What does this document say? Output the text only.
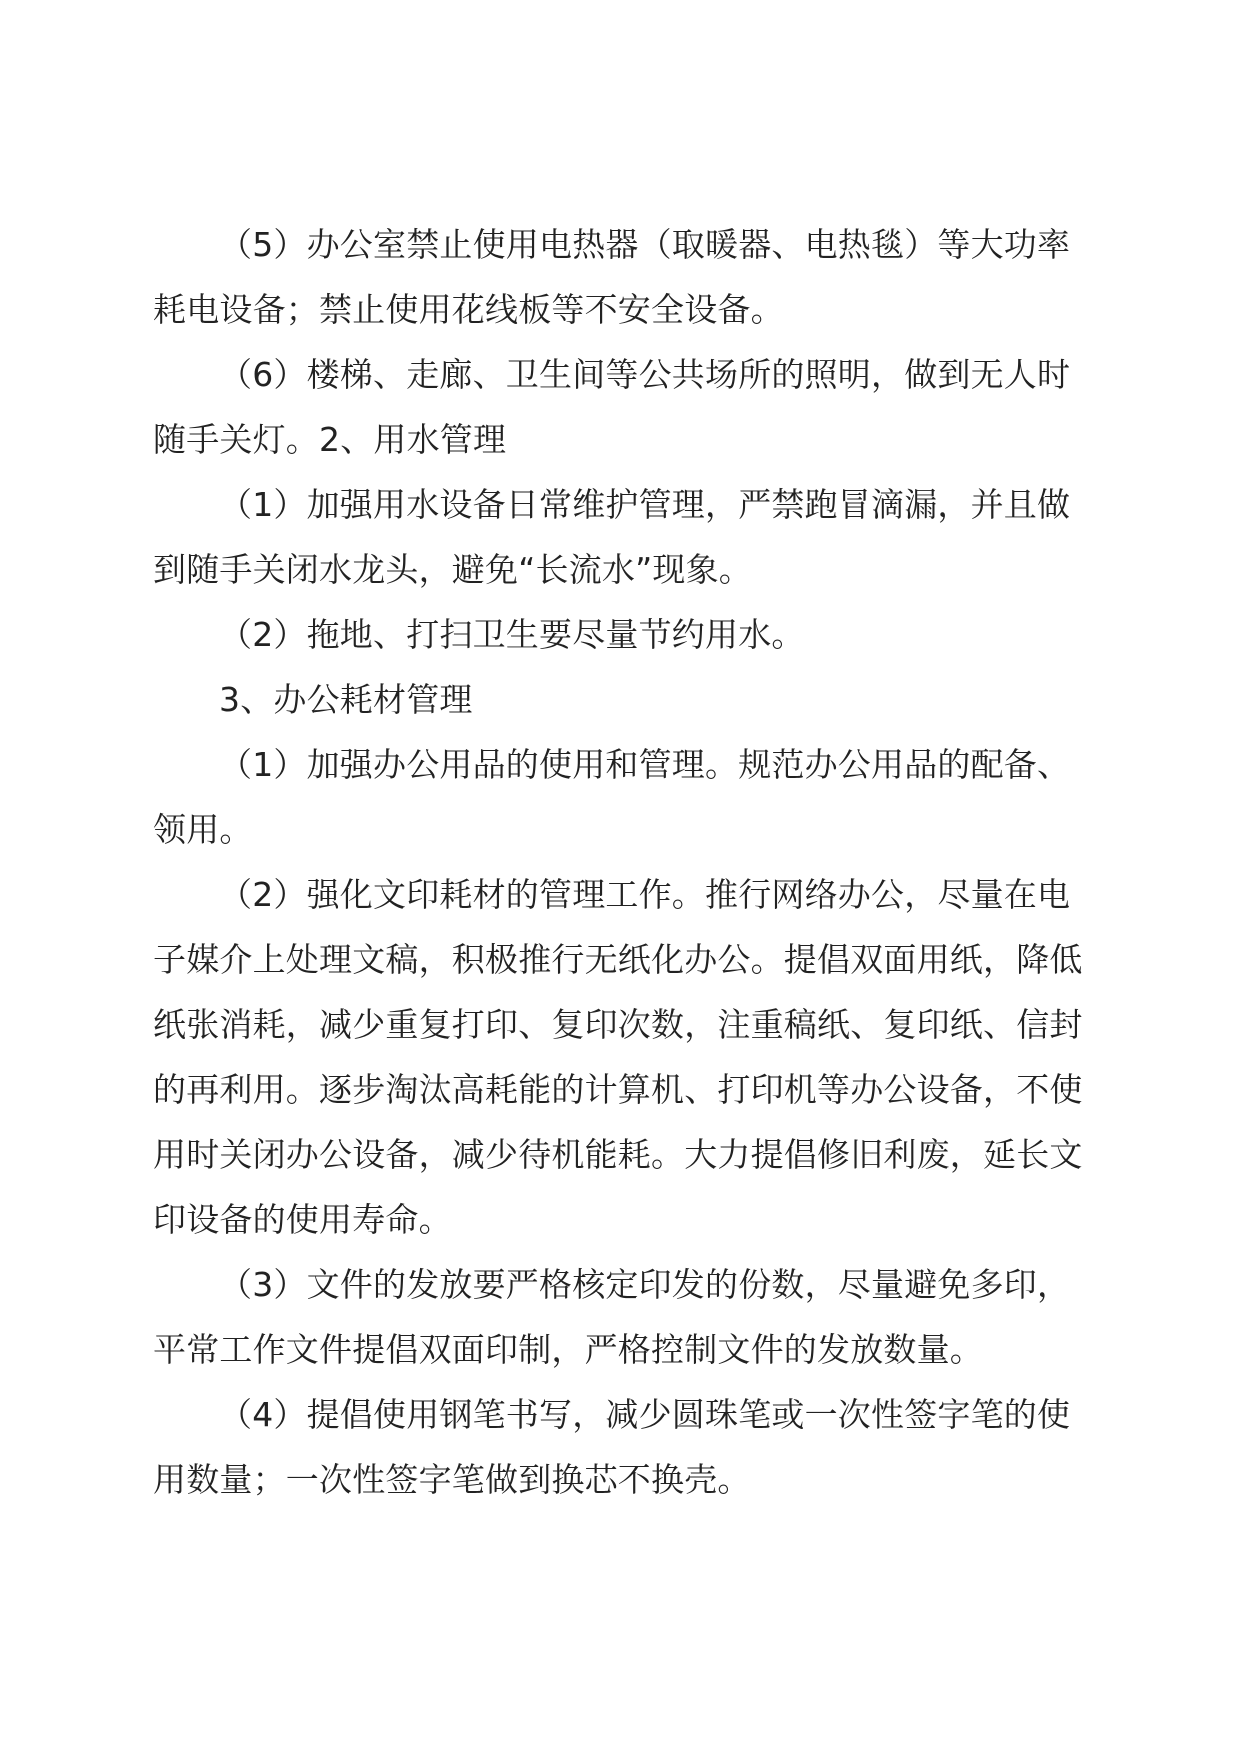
（5）办公室禁止使用电热器（取暖器、电热毯）等大功率耗电设备；禁止使用花线板等不安全设备。

（6）楼梯、走廊、卫生间等公共场所的照明，做到无人时随手关灯。2、用水管理

（1）加强用水设备日常维护管理，严禁跑冒滴漏，并且做到随手关闭水龙头，避免“长流水”现象。

（2）拖地、打扫卫生要尽量节约用水。

3、办公耗材管理

（1）加强办公用品的使用和管理。规范办公用品的配备、领用。

（2）强化文印耗材的管理工作。推行网络办公，尽量在电子媒介上处理文稿，积极推行无纸化办公。提倡双面用纸，降低纸张消耗，减少重复打印、复印次数，注重稿纸、复印纸、信封的再利用。逐步淘汰高耗能的计算机、打印机等办公设备，不使用时关闭办公设备，减少待机能耗。大力提倡修旧利废，延长文印设备的使用寿命。

（3）文件的发放要严格核定印发的份数，尽量避免多印，平常工作文件提倡双面印制，严格控制文件的发放数量。

（4）提倡使用钢笔书写，减少圆珠笔或一次性签字笔的使用数量；一次性签字笔做到换芯不换壳。
